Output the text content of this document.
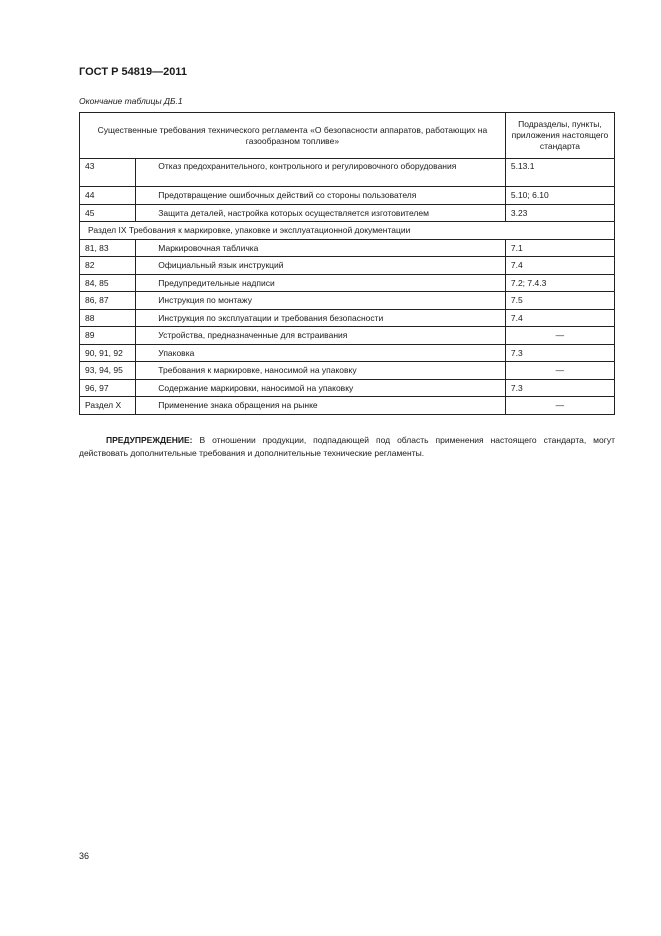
ГОСТ Р 54819—2011
Окончание таблицы ДБ.1
Существенные требования технического регламента «О безопасности аппаратов, работающих на газообразном топливе»		Подразделы, пункты, приложения настоящего стандарта
43	Отказ предохранительного, контрольного и регулировочного оборудования	5.13.1
44	Предотвращение ошибочных действий со стороны пользователя	5.10; 6.10
45	Защита деталей, настройка которых осуществляется изготовителем	3.23
Раздел IX Требования к маркировке, упаковке и эксплуатационной документации		
81, 83	Маркировочная табличка	7.1
82	Официальный язык инструкций	7.4
84, 85	Предупредительные надписи	7.2; 7.4.3
86, 87	Инструкция по монтажу	7.5
88	Инструкция по эксплуатации и требования безопасности	7.4
89	Устройства, предназначенные для встраивания	—
90, 91, 92	Упаковка	7.3
93, 94, 95	Требования к маркировке, наносимой на упаковку	—
96, 97	Содержание маркировки, наносимой на упаковку	7.3
Раздел X	Применение знака обращения на рынке	—
ПРЕДУПРЕЖДЕНИЕ: В отношении продукции, подпадающей под область применения настоящего стандарта, могут действовать дополнительные требования и дополнительные технические регламенты.
36
